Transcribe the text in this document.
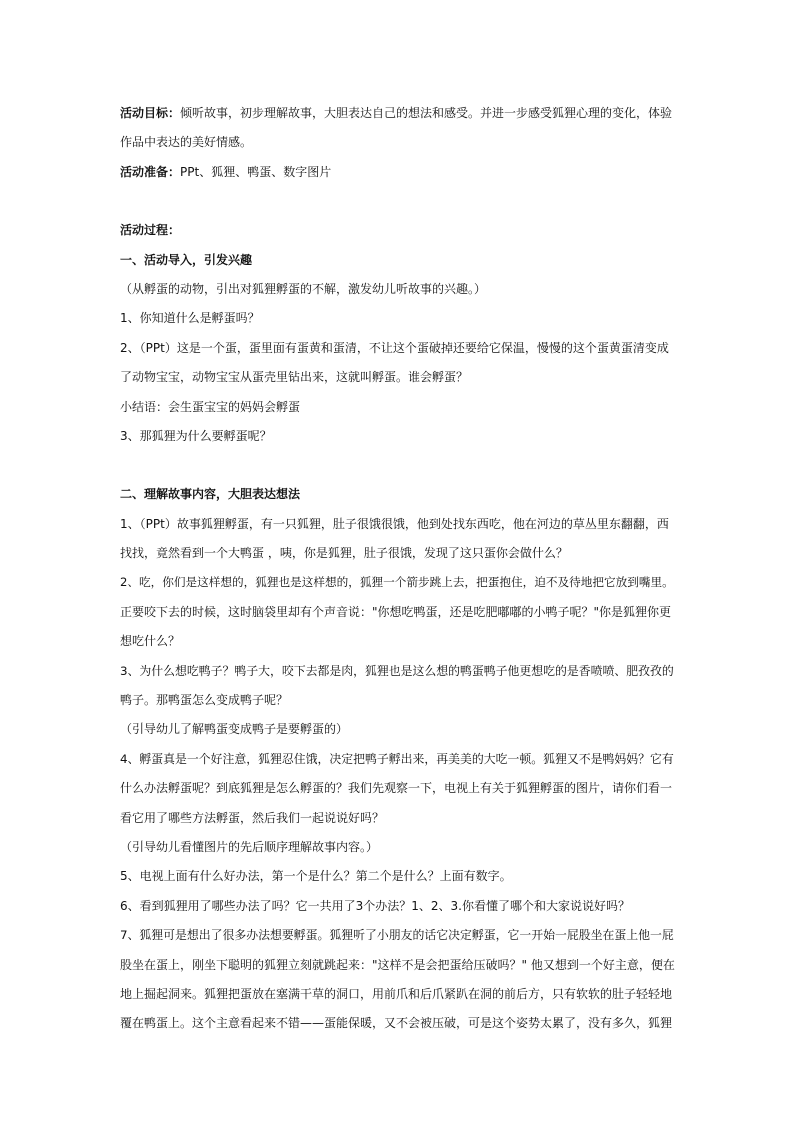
活动目标：倾听故事，初步理解故事，大胆表达自己的想法和感受。并进一步感受狐狸心理的变化，体验
作品中表达的美好情感。
活动准备：PPt、狐狸、鸭蛋、数字图片
活动过程：
一、活动导入，引发兴趣
（从孵蛋的动物，引出对狐狸孵蛋的不解，激发幼儿听故事的兴趣。）
1、你知道什么是孵蛋吗？
2、（PPt）这是一个蛋，蛋里面有蛋黄和蛋清，不让这个蛋破掉还要给它保温，慢慢的这个蛋黄蛋清变成
了动物宝宝，动物宝宝从蛋壳里钻出来，这就叫孵蛋。谁会孵蛋？
小结语：会生蛋宝宝的妈妈会孵蛋
3、那狐狸为什么要孵蛋呢？
二、理解故事内容，大胆表达想法
1、（PPt）故事狐狸孵蛋，有一只狐狸，肚子很饿很饿，他到处找东西吃，他在河边的草丛里东翻翻，西
找找，竟然看到一个大鸭蛋 ，咦，你是狐狸，肚子很饿，发现了这只蛋你会做什么？
2、吃，你们是这样想的，狐狸也是这样想的，狐狸一个箭步跳上去，把蛋抱住，迫不及待地把它放到嘴里。
正要咬下去的时候，这时脑袋里却有个声音说："你想吃鸭蛋，还是吃肥嘟嘟的小鸭子呢？"你是狐狸你更
想吃什么？
3、为什么想吃鸭子？鸭子大，咬下去都是肉，狐狸也是这么想的鸭蛋鸭子他更想吃的是香喷喷、肥孜孜的
鸭子。那鸭蛋怎么变成鸭子呢？
（引导幼儿了解鸭蛋变成鸭子是要孵蛋的）
4、孵蛋真是一个好注意，狐狸忍住饿，决定把鸭子孵出来，再美美的大吃一顿。狐狸又不是鸭妈妈？它有
什么办法孵蛋呢？到底狐狸是怎么孵蛋的？我们先观察一下，电视上有关于狐狸孵蛋的图片，请你们看一
看它用了哪些方法孵蛋，然后我们一起说说好吗？
（引导幼儿看懂图片的先后顺序理解故事内容。）
5、电视上面有什么好办法，第一个是什么？第二个是什么？上面有数字。
6、看到狐狸用了哪些办法了吗？它一共用了3个办法？1、2、3.你看懂了哪个和大家说说好吗？
7、狐狸可是想出了很多办法想要孵蛋。狐狸听了小朋友的话它决定孵蛋，它一开始一屁股坐在蛋上他一屁
股坐在蛋上，刚坐下聪明的狐狸立刻就跳起来："这样不是会把蛋给压破吗？" 他又想到一个好主意，便在
地上掘起洞来。狐狸把蛋放在塞满干草的洞口，用前爪和后爪紧趴在洞的前后方，只有软软的肚子轻轻地
覆在鸭蛋上。这个主意看起来不错——蛋能保暖，又不会被压破，可是这个姿势太累了，没有多久，狐狸
